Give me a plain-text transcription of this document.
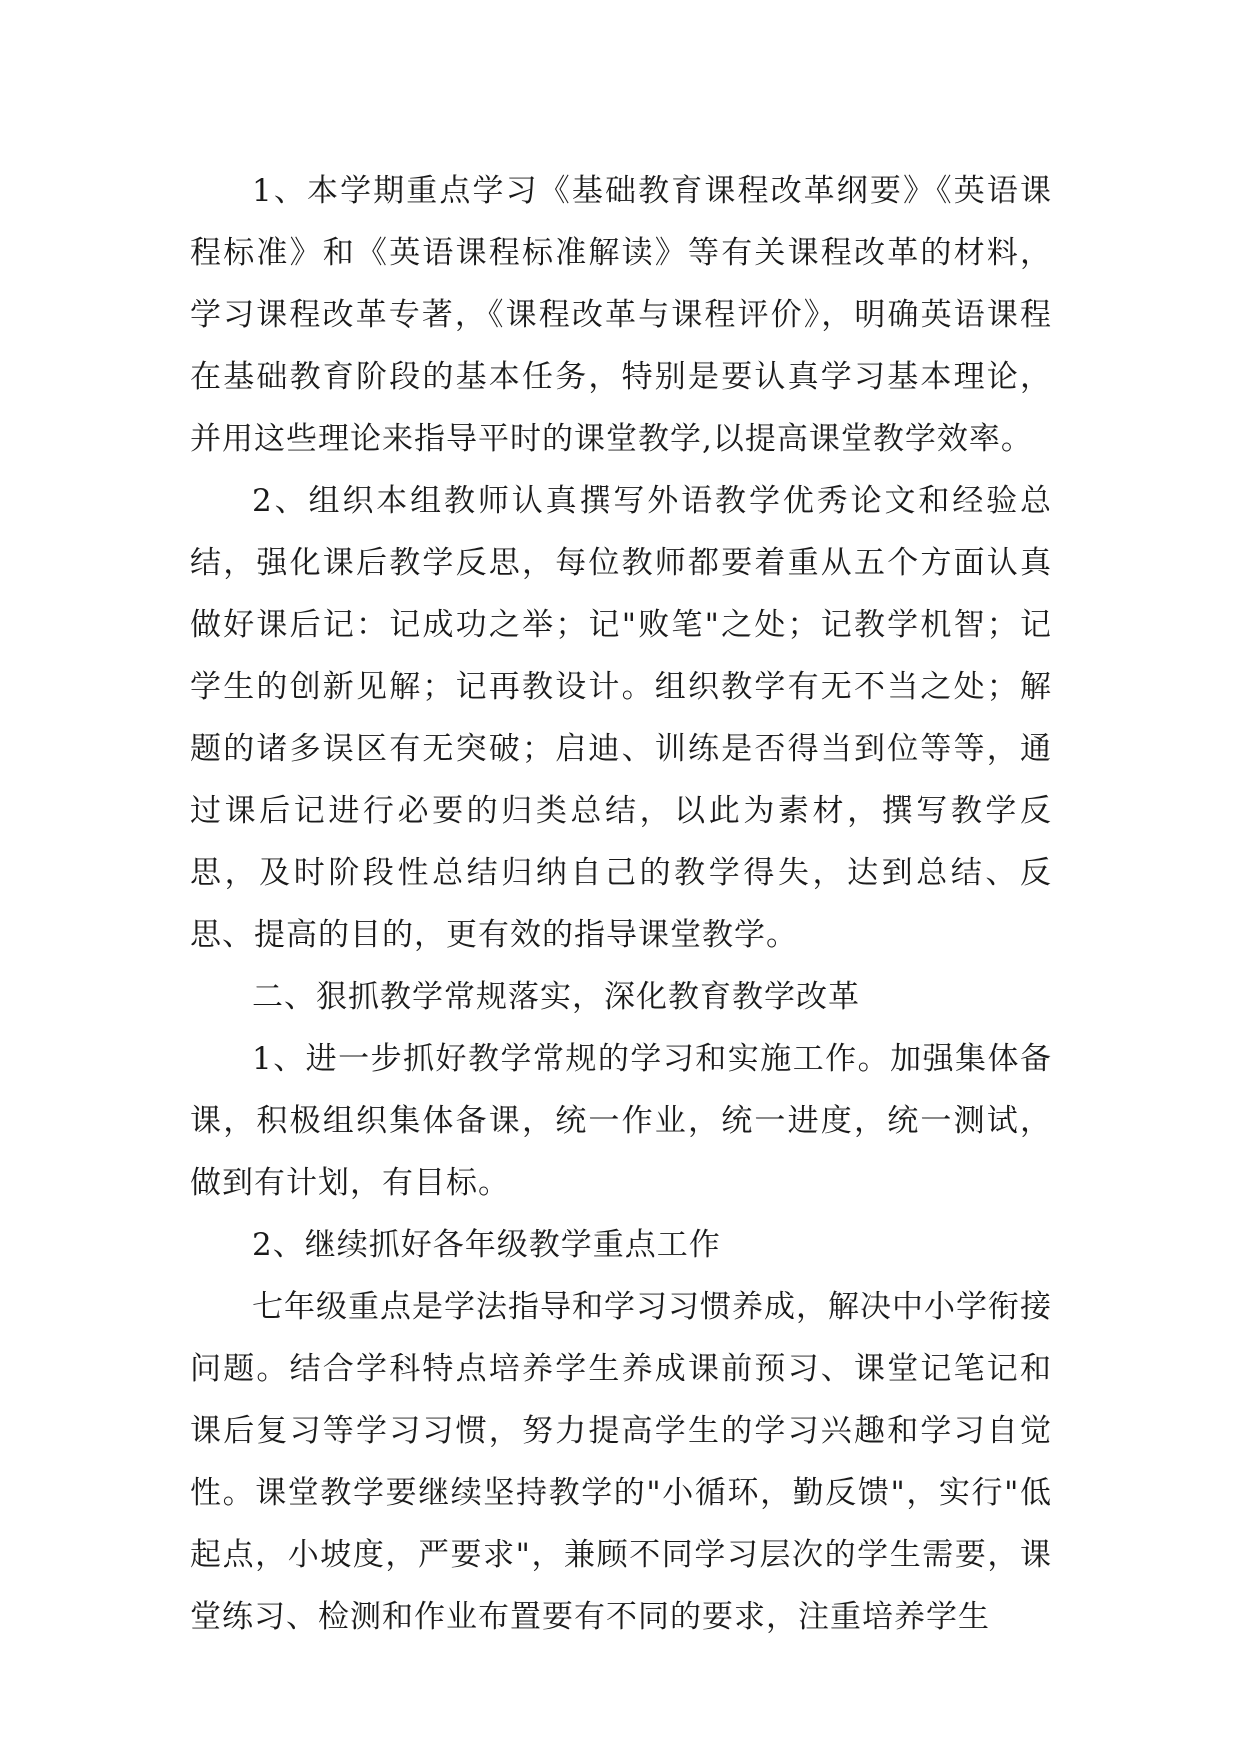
1、本学期重点学习《基础教育课程改革纲要》《英语课程标准》和《英语课程标准解读》等有关课程改革的材料，学习课程改革专著，《课程改革与课程评价》，明确英语课程在基础教育阶段的基本任务，特别是要认真学习基本理论，并用这些理论来指导平时的课堂教学,以提高课堂教学效率。

2、组织本组教师认真撰写外语教学优秀论文和经验总结，强化课后教学反思，每位教师都要着重从五个方面认真做好课后记：记成功之举；记"败笔"之处；记教学机智；记学生的创新见解；记再教设计。组织教学有无不当之处；解题的诸多误区有无突破；启迪、训练是否得当到位等等，通过课后记进行必要的归类总结，以此为素材，撰写教学反思，及时阶段性总结归纳自己的教学得失，达到总结、反思、提高的目的，更有效的指导课堂教学。

二、狠抓教学常规落实，深化教育教学改革

1、进一步抓好教学常规的学习和实施工作。加强集体备课，积极组织集体备课，统一作业，统一进度，统一测试，做到有计划，有目标。

2、继续抓好各年级教学重点工作

七年级重点是学法指导和学习习惯养成，解决中小学衔接问题。结合学科特点培养学生养成课前预习、课堂记笔记和课后复习等学习习惯，努力提高学生的学习兴趣和学习自觉性。课堂教学要继续坚持教学的"小循环，勤反馈"，实行"低起点，小坡度，严要求"，兼顾不同学习层次的学生需要，课堂练习、检测和作业布置要有不同的要求，注重培养学生
